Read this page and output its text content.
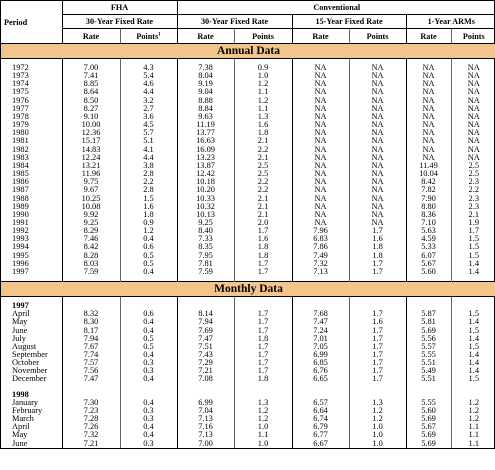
Period	FHA		Conventional					
	30-Year Fixed Rate		30-Year Fixed Rate		15-Year Fixed Rate		1-Year ARMs	
	Rate	Points$^1$	Rate	Points	Rate	Points	Rate	Points
Annual Data								

1972	7.00	4.3	7.38	0.9	NA	NA	NA	NA
1973	7.41	5.4	8.04	1.0	NA	NA	NA	NA
1974	8.85	4.6	9.19	1.2	NA	NA	NA	NA
1975	8.64	4.4	9.04	1.1	NA	NA	NA	NA
1976	8.50	3.2	8.88	1.2	NA	NA	NA	NA
1977	8.27	2.7	8.84	1.1	NA	NA	NA	NA
1978	9.10	3.6	9.63	1.3	NA	NA	NA	NA
1979	10.00	4.5	11.19	1.6	NA	NA	NA	NA
1980	12.36	5.7	13.77	1.8	NA	NA	NA	NA
1981	15.17	5.1	16.63	2.1	NA	NA	NA	NA
1982	14.83	4.1	16.09	2.2	NA	NA	NA	NA
1983	12.24	4.4	13.23	2.1	NA	NA	NA	NA
1984	13.21	3.8	13.87	2.5	NA	NA	11.49	2.5
1985	11.96	2.8	12.42	2.5	NA	NA	10.04	2.5
1986	9.75	2.2	10.18	2.2	NA	NA	8.42	2.3
1987	9.67	2.8	10.20	2.2	NA	NA	7.82	2.2
1988	10.25	1.5	10.33	2.1	NA	NA	7.90	2.3
1989	10.08	1.6	10.32	2.1	NA	NA	8.80	2.3
1990	9.92	1.8	10.13	2.1	NA	NA	8.36	2.1
1991	9.25	0.9	9.25	2.0	NA	NA	7.10	1.9
1992	8.29	1.2	8.40	1.7	7.96	1.7	5.63	1.7
1993	7.46	0.4	7.33	1.6	6.83	1.6	4.59	1.5
1994	8.42	0.6	8.35	1.8	7.86	1.8	5.33	1.5
1995	8.28	0.5	7.95	1.8	7.49	1.8	6.07	1.5
1996	8.03	0.5	7.81	1.7	7.32	1.7	5.67	1.4
1997	7.59	0.4	7.59	1.7	7.13	1.7	5.60	1.4

Monthly Data								

1997								
April	8.32	0.6	8.14	1.7	7.68	1.7	5.87	1.5
May	8.30	0.4	7.94	1.7	7.47	1.6	5.81	1.4
June	8.17	0.4	7.69	1.7	7.24	1.7	5.69	1.5
July	7.94	0.5	7.47	1.8	7.01	1.7	5.56	1.4
August	7.67	0.5	7.51	1.7	7.05	1.7	5.57	1.5
September	7.74	0.4	7.43	1.7	6.99	1.7	5.55	1.4
October	7.57	0.3	7.29	1.7	6.85	1.7	5.51	1.4
November	7.56	0.3	7.21	1.7	6.76	1.7	5.49	1.4
December	7.47	0.4	7.08	1.8	6.65	1.7	5.51	1.5

1998								
January	7.30	0.4	6.99	1.3	6.57	1.3	5.55	1.2
February	7.23	0.3	7.04	1.2	6.64	1.2	5.60	1.2
March	7.28	0.3	7.13	1.2	6.74	1.2	5.69	1.2
April	7.26	0.4	7.16	1.0	6.79	1.0	5.67	1.1
May	7.32	0.4	7.13	1.1	6.77	1.0	5.69	1.1
June	7.21	0.3	7.00	1.0	6.67	1.0	5.69	1.1
